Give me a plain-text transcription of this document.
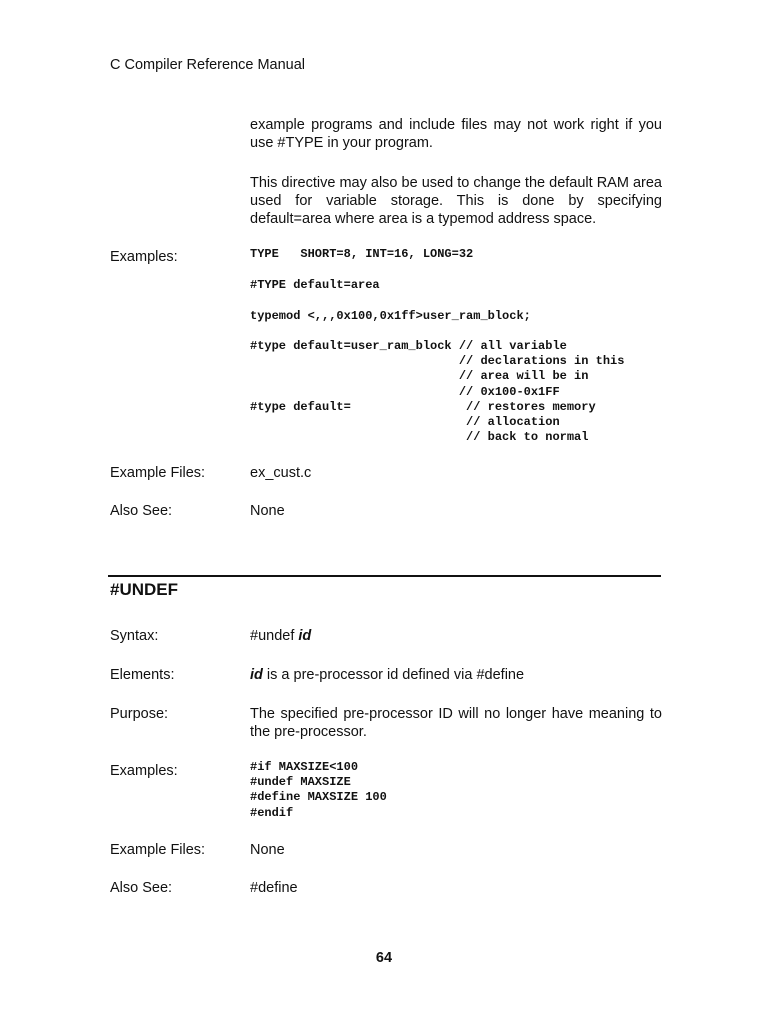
C Compiler Reference Manual

example programs and include files may not work right if you use #TYPE in your program.

This directive may also be used to change the default RAM area used for variable storage. This is done by specifying default=area where area is a typemod address space.

Examples:	TYPE   SHORT=8, INT=16, LONG=32

#TYPE default=area

typemod <,,,0x100,0x1ff>user_ram_block;

#type default=user_ram_block // all variable
// declarations in this
// area will be in
// 0x100-0x1FF
#type default=                // restores memory
// allocation
// back to normal

Example Files:	ex_cust.c

Also See:	None

#UNDEF

Syntax:	#undef id

Elements:	id is a pre-processor id defined via #define

Purpose:	The specified pre-processor ID will no longer have meaning to the pre-processor.

Examples:	#if MAXSIZE<100
#undef MAXSIZE
#define MAXSIZE 100
#endif

Example Files:	None

Also See:	#define

64
